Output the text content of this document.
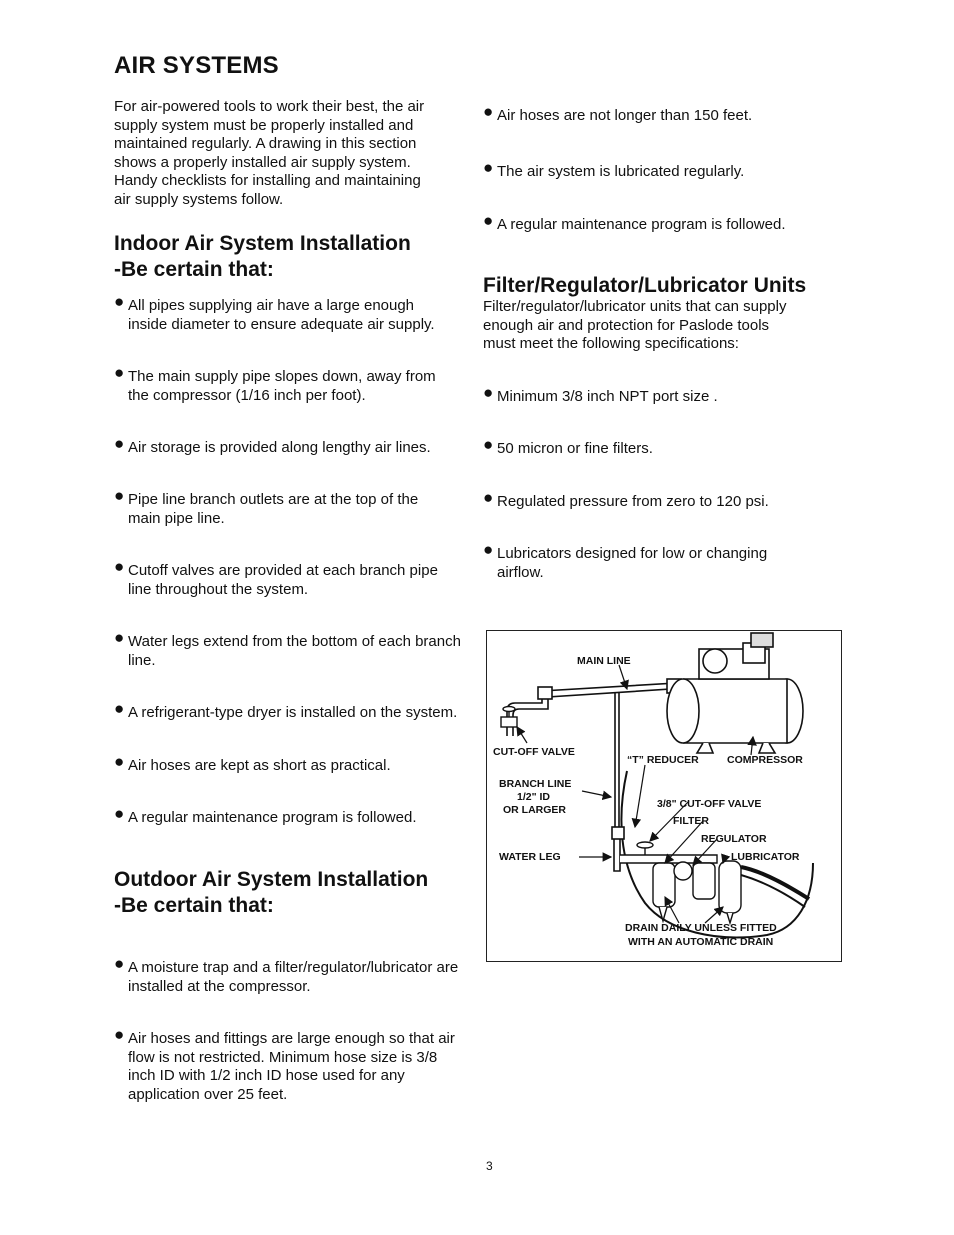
AIR SYSTEMS
For air-powered tools to work their best, the air
supply system must be properly installed and
maintained regularly. A drawing in this section
shows a properly installed air supply system.
Handy checklists for installing and maintaining
air supply systems follow.
Indoor Air System Installation
-Be certain that:
● All pipes supplying air have a large enough
inside diameter to ensure adequate air supply.
● The main supply pipe slopes down, away from
the compressor (1/16 inch per foot).
● Air storage is provided along lengthy air lines.
● Pipe line branch outlets are at the top of the
main pipe line.
● Cutoff valves are provided at each branch pipe
line throughout the system.
● Water legs extend from the bottom of each branch
line.
● A refrigerant-type dryer is installed on the system.
● Air hoses are kept as short as practical.
● A regular maintenance program is followed.
Outdoor Air System Installation
-Be certain that:
● A moisture trap and a filter/regulator/lubricator are
installed at the compressor.
● Air hoses and fittings are large enough so that air
flow is not restricted. Minimum hose size is 3/8
inch ID with 1/2 inch ID hose used for any
application over 25 feet.
● Air hoses are not longer than 150 feet.
● The air system is lubricated regularly.
● A regular maintenance program is followed.
Filter/Regulator/Lubricator Units
Filter/regulator/lubricator units that can supply
enough air and protection for Paslode tools
must meet the following specifications:
● Minimum 3/8 inch NPT port size .
● 50 micron or fine filters.
● Regulated pressure from zero to 120 psi.
● Lubricators designed for low or changing
airflow.
MAIN LINE
CUT-OFF VALVE
“T” REDUCER	COMPRESSOR
BRANCH LINE
1/2" ID
OR LARGER	3/8" CUT-OFF VALVE
FILTER
REGULATOR
LUBRICATOR
WATER LEG
DRAIN DAILY UNLESS FITTED
WITH AN AUTOMATIC DRAIN
3
